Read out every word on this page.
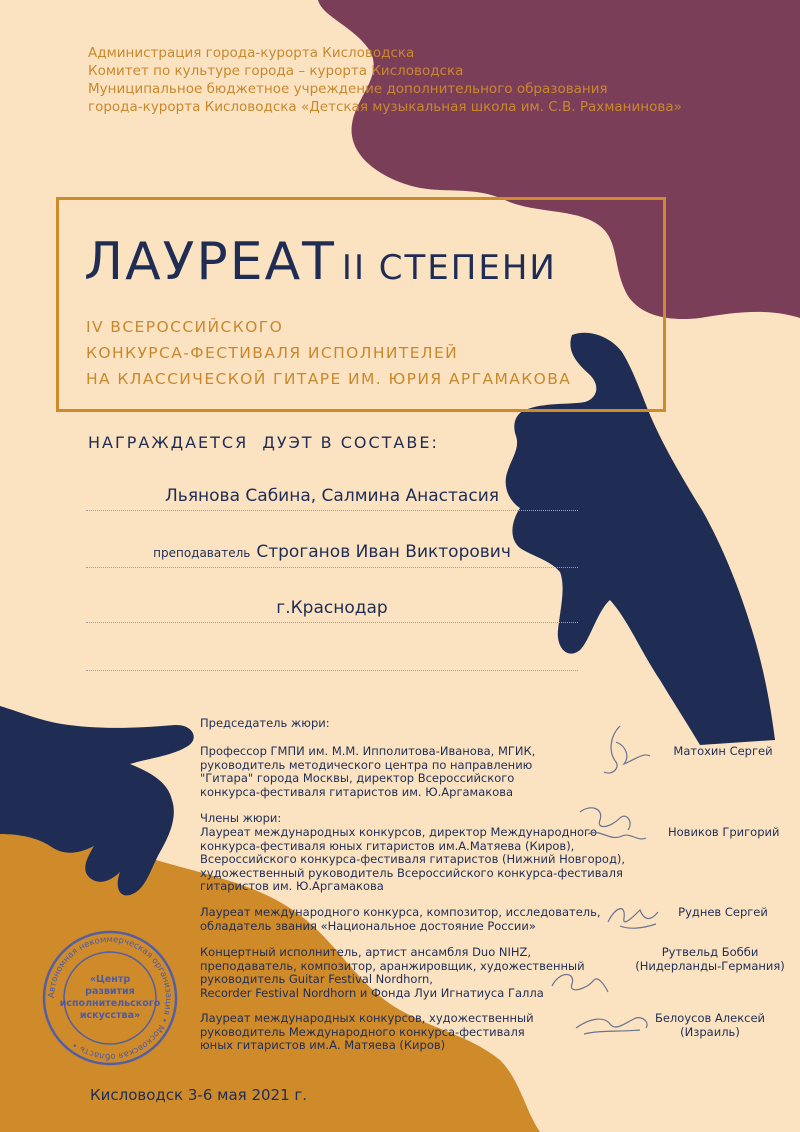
Администрация города-курорта Кисловодска
Комитет по культуре города – курорта Кисловодска
Муниципальное бюджетное учреждение дополнительного образования
города-курорта Кисловодска «Детская музыкальная школа им. С.В. Рахманинова»
ЛАУРЕАТ II СТЕПЕНИ
IV ВСЕРОССИЙСКОГО
КОНКУРСА-ФЕСТИВАЛЯ ИСПОЛНИТЕЛЕЙ
НА КЛАССИЧЕСКОЙ ГИТАРЕ ИМ. ЮРИЯ АРГАМАКОВА
НАГРАЖДАЕТСЯ  ДУЭТ В СОСТАВЕ:
Льянова Сабина, Салмина Анастасия
преподаватель Строганов Иван Викторович
г.Краснодар
Председатель жюри:
Профессор ГМПИ им. М.М. Ипполитова-Иванова, МГИК,
руководитель методического центра по направлению
"Гитара" города Москвы, директор Всероссийского
конкурса-фестиваля гитаристов им. Ю.Аргамакова
Матохин Сергей
Члены жюри:
Лауреат международных конкурсов, директор Международного
конкурса-фестиваля юных гитаристов им.А.Матяева (Киров),
Всероссийского конкурса-фестиваля гитаристов (Нижний Новгород),
художественный руководитель Всероссийского конкурса-фестиваля
гитаристов им. Ю.Аргамакова
Новиков Григорий
Лауреат международного конкурса, композитор, исследователь,
обладатель звания «Национальное достояние России»
Руднев Сергей
Концертный исполнитель, артист ансамбля Duo NIHZ,
преподаватель, композитор, аранжировщик, художественный
руководитель Guitar Festival Nordhorn,
Recorder Festival Nordhorn и Фонда Луи Игнатиуса Галла
Рутвельд Бобби
(Нидерланды-Германия)
Лауреат международных конкурсов, художественный
руководитель Международного конкурса-фестиваля
юных гитаристов им.А. Матяева (Киров)
Белоусов Алексей
(Израиль)
Автономная некоммерческая организация • Московская область •
«Центр
развития
исполнительского
искусства»
Кисловодск 3-6 мая 2021 г.
